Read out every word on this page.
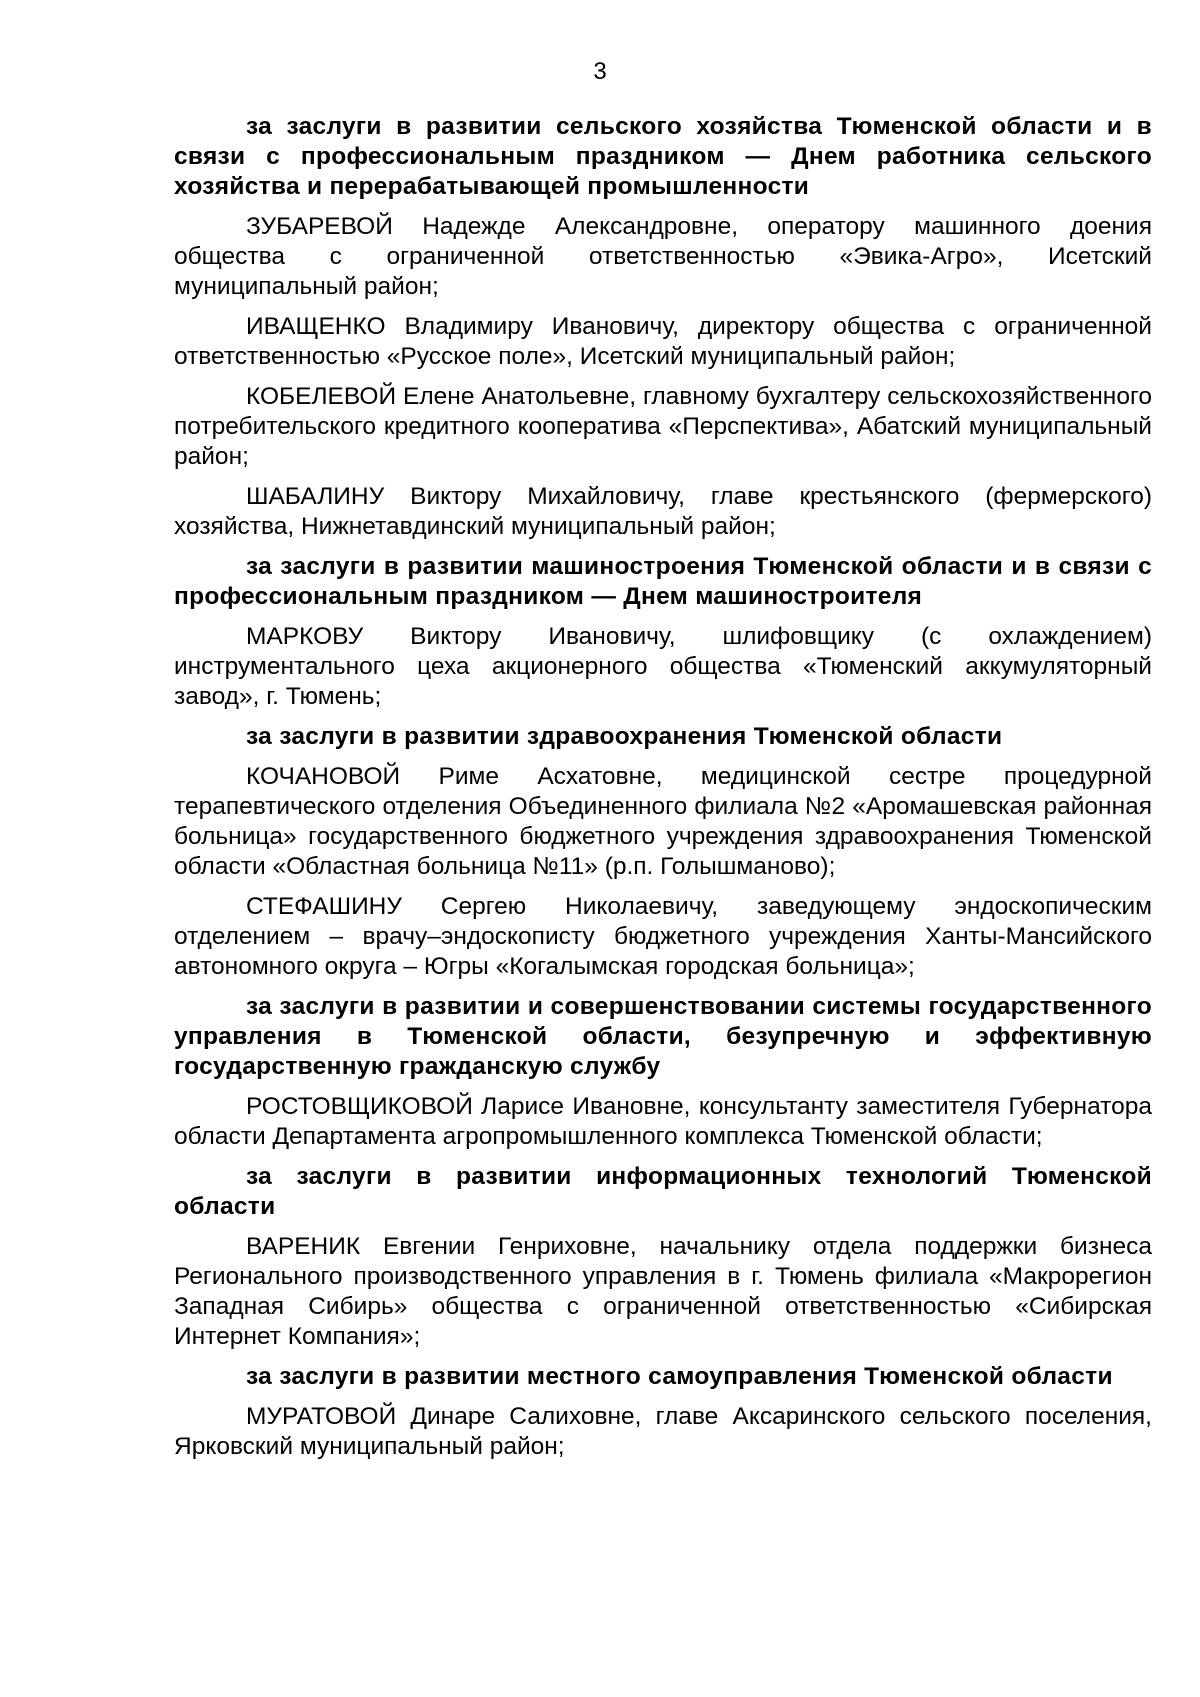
3

за заслуги в развитии сельского хозяйства Тюменской области и в связи с профессиональным праздником — Днем работника сельского хозяйства и перерабатывающей промышленности

ЗУБАРЕВОЙ Надежде Александровне, оператору машинного доения общества с ограниченной ответственностью «Эвика-Агро», Исетский муниципальный район;

ИВАЩЕНКО Владимиру Ивановичу, директору общества с ограниченной ответственностью «Русское поле», Исетский муниципальный район;

КОБЕЛЕВОЙ Елене Анатольевне, главному бухгалтеру сельскохозяйственного потребительского кредитного кооператива «Перспектива», Абатский муниципальный район;

ШАБАЛИНУ Виктору Михайловичу, главе крестьянского (фермерского) хозяйства, Нижнетавдинский муниципальный район;

за заслуги в развитии машиностроения Тюменской области и в связи с профессиональным праздником — Днем машиностроителя

МАРКОВУ Виктору Ивановичу, шлифовщику (с охлаждением) инструментального цеха акционерного общества «Тюменский аккумуляторный завод», г. Тюмень;

за заслуги в развитии здравоохранения Тюменской области

КОЧАНОВОЙ Риме Асхатовне, медицинской сестре процедурной терапевтического отделения Объединенного филиала №2 «Аромашевская районная больница» государственного бюджетного учреждения здравоохранения Тюменской области «Областная больница №11» (р.п. Голышманово);

СТЕФАШИНУ Сергею Николаевичу, заведующему эндоскопическим отделением – врачу–эндоскописту бюджетного учреждения Ханты-Мансийского автономного округа – Югры «Когалымская городская больница»;

за заслуги в развитии и совершенствовании системы государственного управления в Тюменской области, безупречную и эффективную государственную гражданскую службу

РОСТОВЩИКОВОЙ Ларисе Ивановне, консультанту заместителя Губернатора области Департамента агропромышленного комплекса Тюменской области;

за заслуги в развитии информационных технологий Тюменской области

ВАРЕНИК Евгении Генриховне, начальнику отдела поддержки бизнеса Регионального производственного управления в г. Тюмень филиала «Макрорегион Западная Сибирь» общества с ограниченной ответственностью «Сибирская Интернет Компания»;

за заслуги в развитии местного самоуправления Тюменской области

МУРАТОВОЙ Динаре Салиховне, главе Аксаринского сельского поселения, Ярковский муниципальный район;
